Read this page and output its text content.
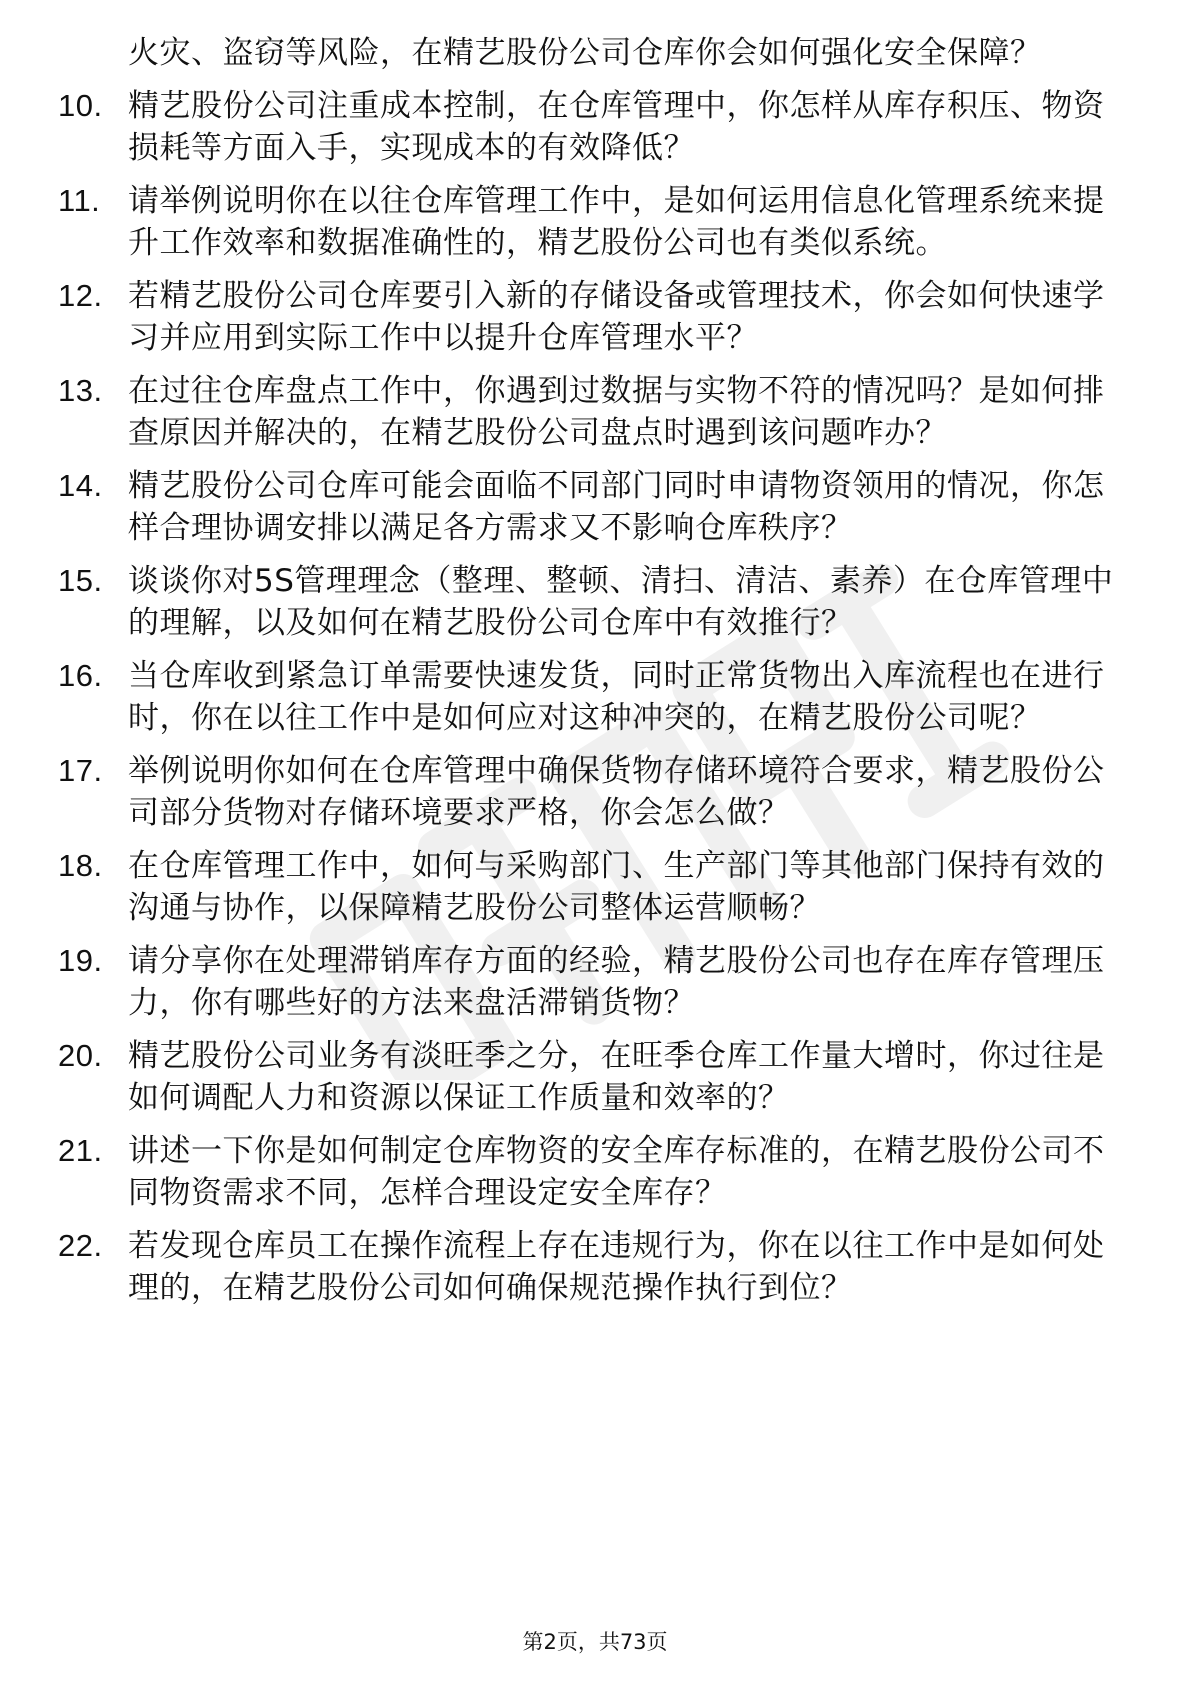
火灾、盗窃等风险，在精艺股份公司仓库你会如何强化安全保障？
10. 精艺股份公司注重成本控制，在仓库管理中，你怎样从库存积压、物资损耗等方面入手，实现成本的有效降低？
11. 请举例说明你在以往仓库管理工作中，是如何运用信息化管理系统来提升工作效率和数据准确性的，精艺股份公司也有类似系统。
12. 若精艺股份公司仓库要引入新的存储设备或管理技术，你会如何快速学习并应用到实际工作中以提升仓库管理水平？
13. 在过往仓库盘点工作中，你遇到过数据与实物不符的情况吗？是如何排查原因并解决的，在精艺股份公司盘点时遇到该问题咋办？
14. 精艺股份公司仓库可能会面临不同部门同时申请物资领用的情况，你怎样合理协调安排以满足各方需求又不影响仓库秩序？
15. 谈谈你对5S管理理念（整理、整顿、清扫、清洁、素养）在仓库管理中的理解，以及如何在精艺股份公司仓库中有效推行？
16. 当仓库收到紧急订单需要快速发货，同时正常货物出入库流程也在进行时，你在以往工作中是如何应对这种冲突的，在精艺股份公司呢？
17. 举例说明你如何在仓库管理中确保货物存储环境符合要求，精艺股份公司部分货物对存储环境要求严格，你会怎么做？
18. 在仓库管理工作中，如何与采购部门、生产部门等其他部门保持有效的沟通与协作，以保障精艺股份公司整体运营顺畅？
19. 请分享你在处理滞销库存方面的经验，精艺股份公司也存在库存管理压力，你有哪些好的方法来盘活滞销货物？
20. 精艺股份公司业务有淡旺季之分，在旺季仓库工作量大增时，你过往是如何调配人力和资源以保证工作质量和效率的？
21. 讲述一下你是如何制定仓库物资的安全库存标准的，在精艺股份公司不同物资需求不同，怎样合理设定安全库存？
22. 若发现仓库员工在操作流程上存在违规行为，你在以往工作中是如何处理的，在精艺股份公司如何确保规范操作执行到位？
第2页，共73页
